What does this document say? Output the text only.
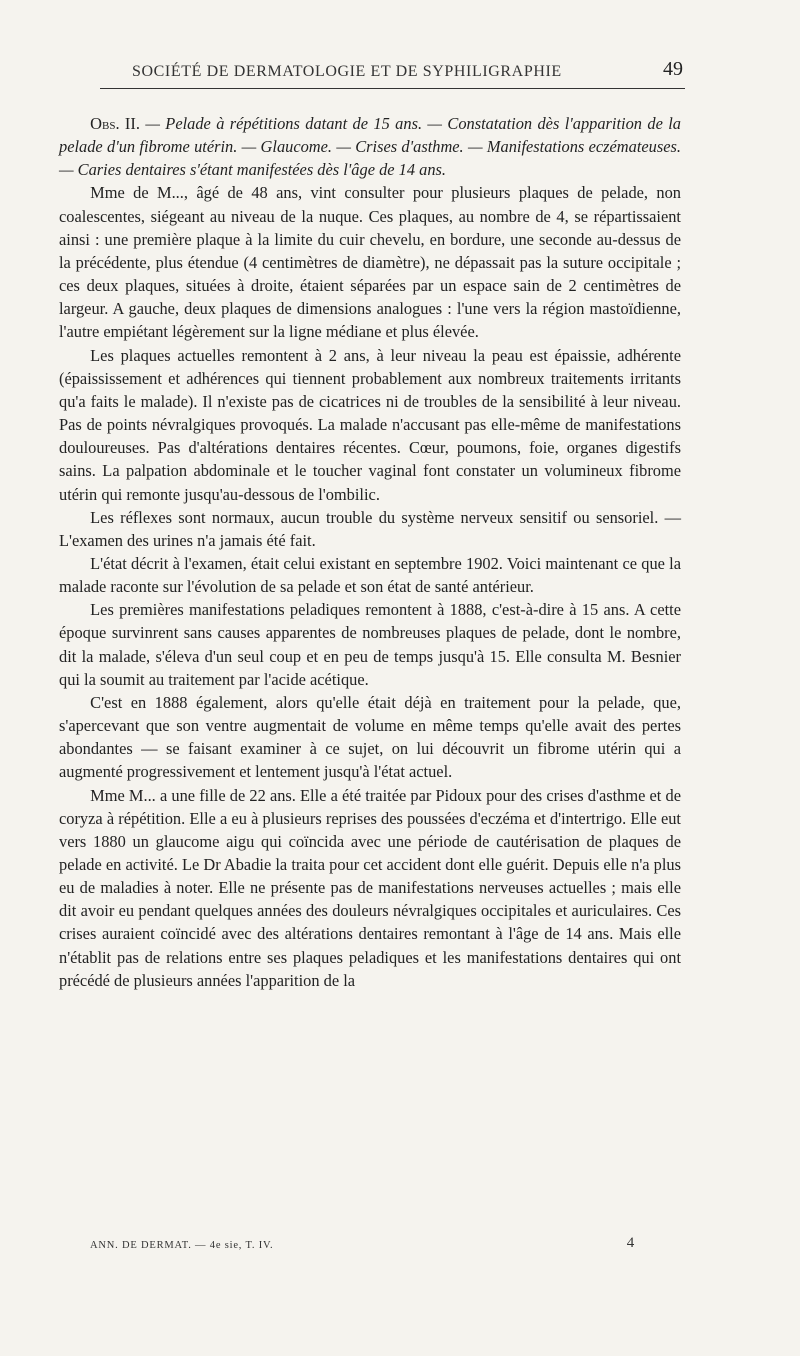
SOCIÉTÉ DE DERMATOLOGIE ET DE SYPHILIGRAPHIE	49

Obs. II. — Pelade à répétitions datant de 15 ans. — Constatation dès l'apparition de la pelade d'un fibrome utérin. — Glaucome. — Crises d'asthme. — Manifestations eczémateuses. — Caries dentaires s'étant manifestées dès l'âge de 14 ans.

Mme de M..., âgé de 48 ans, vint consulter pour plusieurs plaques de pelade, non coalescentes, siégeant au niveau de la nuque. Ces plaques, au nombre de 4, se répartissaient ainsi : une première plaque à la limite du cuir chevelu, en bordure, une seconde au-dessus de la précédente, plus étendue (4 centimètres de diamètre), ne dépassait pas la suture occipitale ; ces deux plaques, situées à droite, étaient séparées par un espace sain de 2 centimètres de largeur. A gauche, deux plaques de dimensions analogues : l'une vers la région mastoïdienne, l'autre empiétant légèrement sur la ligne médiane et plus élevée.

Les plaques actuelles remontent à 2 ans, à leur niveau la peau est épaissie, adhérente (épaississement et adhérences qui tiennent probablement aux nombreux traitements irritants qu'a faits le malade). Il n'existe pas de cicatrices ni de troubles de la sensibilité à leur niveau. Pas de points névralgiques provoqués. La malade n'accusant pas elle-même de manifestations douloureuses. Pas d'altérations dentaires récentes. Cœur, poumons, foie, organes digestifs sains. La palpation abdominale et le toucher vaginal font constater un volumineux fibrome utérin qui remonte jusqu'au-dessous de l'ombilic.

Les réflexes sont normaux, aucun trouble du système nerveux sensitif ou sensoriel. — L'examen des urines n'a jamais été fait.

L'état décrit à l'examen, était celui existant en septembre 1902. Voici maintenant ce que la malade raconte sur l'évolution de sa pelade et son état de santé antérieur.

Les premières manifestations peladiques remontent à 1888, c'est-à-dire à 15 ans. A cette époque survinrent sans causes apparentes de nombreuses plaques de pelade, dont le nombre, dit la malade, s'éleva d'un seul coup et en peu de temps jusqu'à 15. Elle consulta M. Besnier qui la soumit au traitement par l'acide acétique.

C'est en 1888 également, alors qu'elle était déjà en traitement pour la pelade, que, s'apercevant que son ventre augmentait de volume en même temps qu'elle avait des pertes abondantes — se faisant examiner à ce sujet, on lui découvrit un fibrome utérin qui a augmenté progressivement et lentement jusqu'à l'état actuel.

Mme M... a une fille de 22 ans. Elle a été traitée par Pidoux pour des crises d'asthme et de coryza à répétition. Elle a eu à plusieurs reprises des poussées d'eczéma et d'intertrigo. Elle eut vers 1880 un glaucome aigu qui coïncida avec une période de cautérisation de plaques de pelade en activité. Le Dr Abadie la traita pour cet accident dont elle guérit. Depuis elle n'a plus eu de maladies à noter. Elle ne présente pas de manifestations nerveuses actuelles ; mais elle dit avoir eu pendant quelques années des douleurs névralgiques occipitales et auriculaires. Ces crises auraient coïncidé avec des altérations dentaires remontant à l'âge de 14 ans. Mais elle n'établit pas de relations entre ses plaques peladiques et les manifestations dentaires qui ont précédé de plusieurs années l'apparition de la

ANN. DE DERMAT. — 4e sie, T. IV.	4
